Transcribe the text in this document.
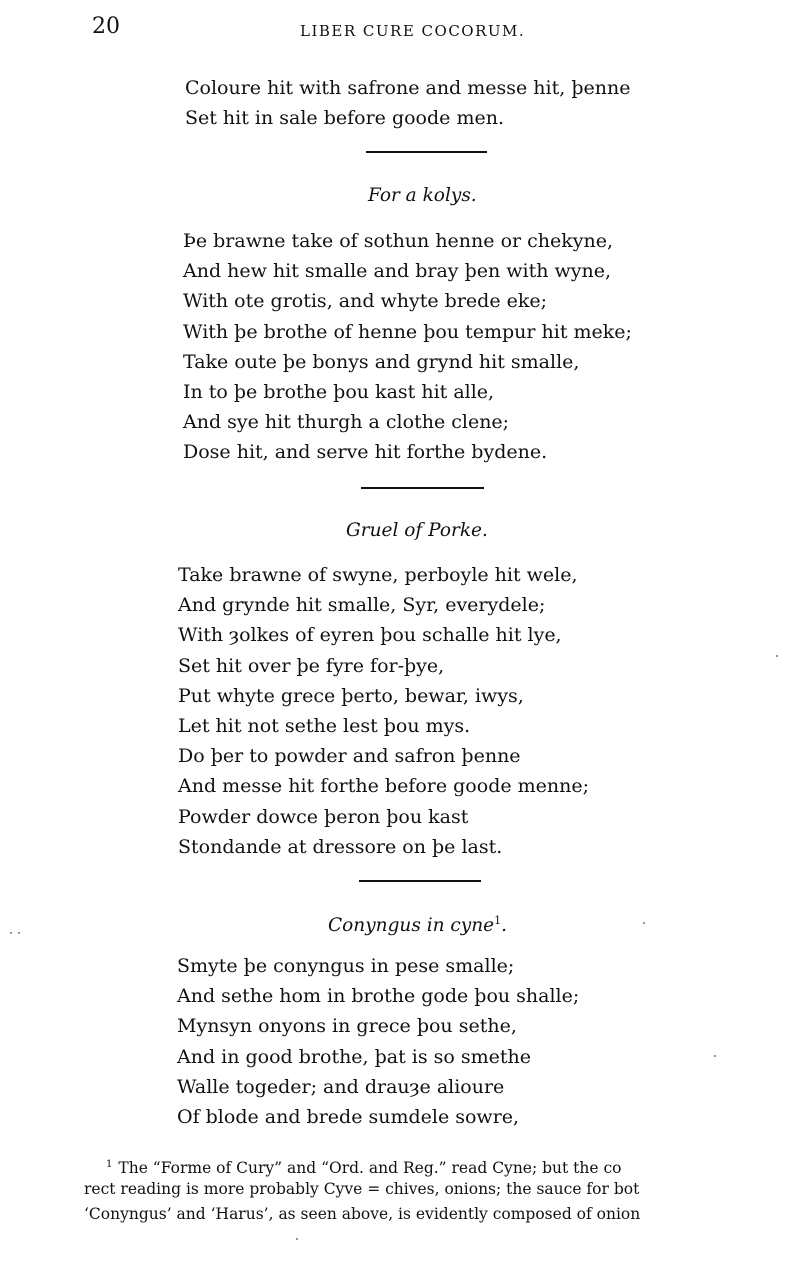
20	LIBER CURE COCORUM.
Coloure hit with safrone and messe hit, þenne
Set hit in sale before goode men.
For a kolys.
Þe brawne take of sothun henne or chekyne,
And hew hit smalle and bray þen with wyne,
With ote grotis, and whyte brede eke;
With þe brothe of henne þou tempur hit meke;
Take oute þe bonys and grynd hit smalle,
In to þe brothe þou kast hit alle,
And sye hit thurgh a clothe clene;
Dose hit, and serve hit forthe bydene.
Gruel of Porke.
Take brawne of swyne, perboyle hit wele,
And grynde hit smalle, Syr, everydele;
With ȝolkes of eyren þou schalle hit lye,
Set hit over þe fyre for-þye,
Put whyte grece þerto, bewar, iwys,
Let hit not sethe lest þou mys.
Do þer to powder and safron þenne
And messe hit forthe before goode menne;
Powder dowce þeron þou kast
Stondande at dressore on þe last.
Conyngus in cyne$^1$.
Smyte þe conyngus in pese smalle;
And sethe hom in brothe gode þou shalle;
Mynsyn onyons in grece þou sethe,
And in good brothe, þat is so smethe
Walle togeder; and drauȝe alioure
Of blode and brede sumdele sowre,
$^1$ The “Forme of Cury” and “Ord. and Reg.” read Cyne; but the co
rect reading is more probably Cyve = chives, onions; the sauce for bot
‘Conyngus’ and ‘Harus’, as seen above, is evidently composed of onion
